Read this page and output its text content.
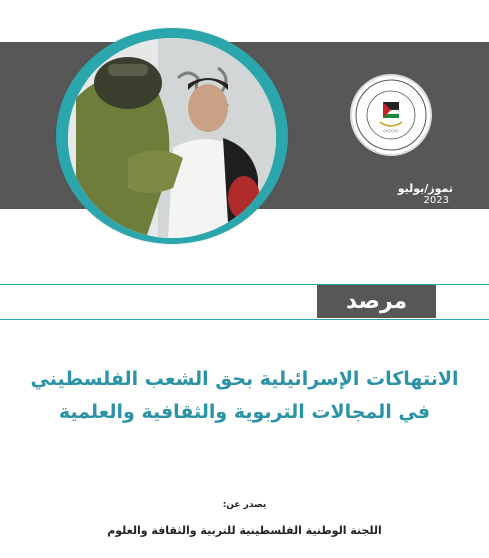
◇◇◇◇
تموز/يوليو
2023
مرصد
الانتهاكات الإسرائيلية بحق الشعب الفلسطيني
في المجالات التربوية والثقافية والعلمية
يصدر عن:
اللجنة الوطنية الفلسطينية للتربية والثقافة والعلوم
